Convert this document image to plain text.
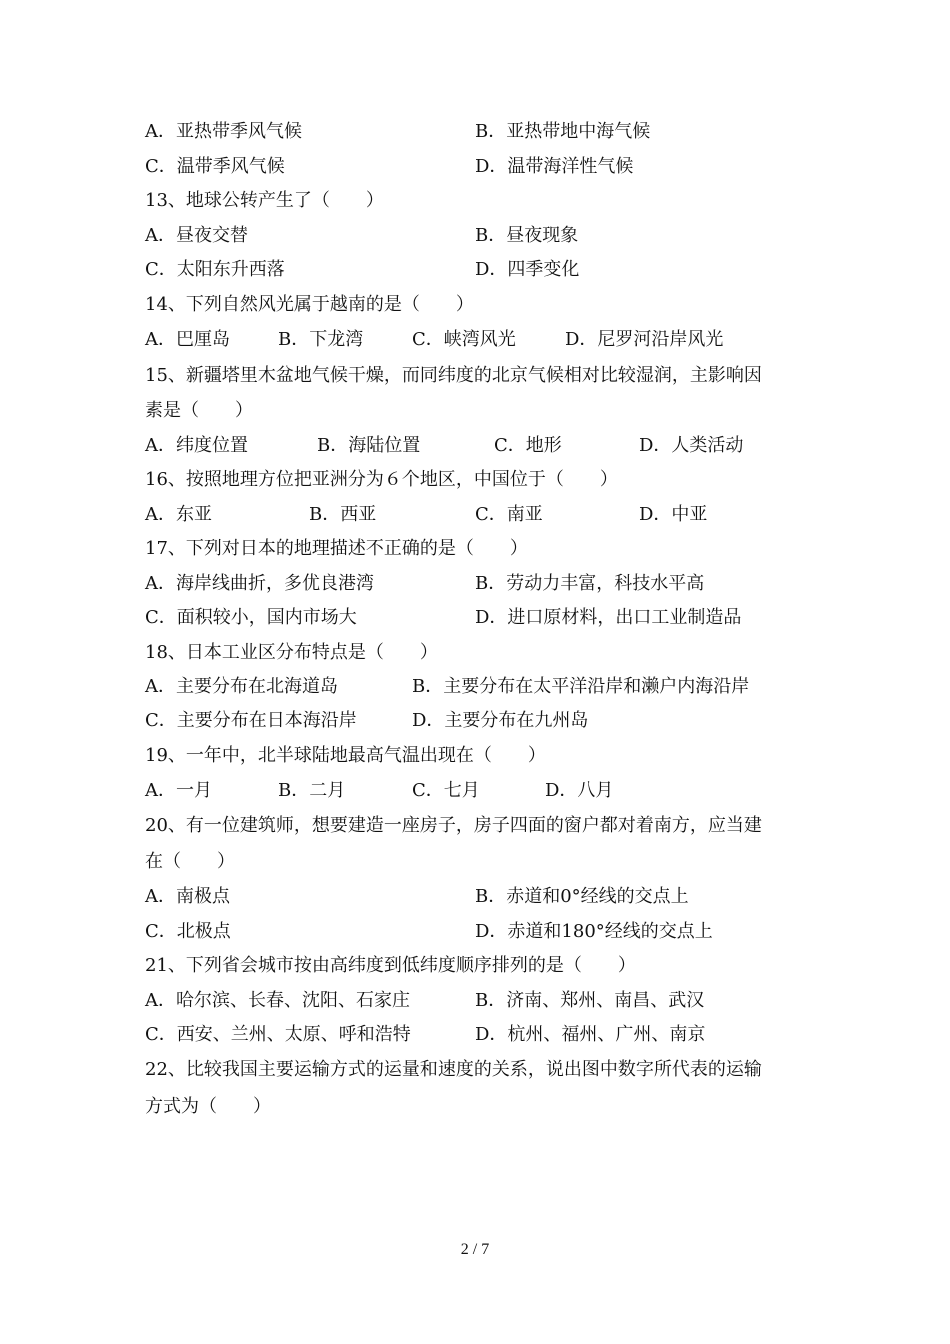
A．亚热带季风气候	B．亚热带地中海气候
C．温带季风气候	D．温带海洋性气候
13、地球公转产生了（　　）
A．昼夜交替	B．昼夜现象
C．太阳东升西落	D．四季变化
14、下列自然风光属于越南的是（　　）
A．巴厘岛	B．下龙湾	C．峡湾风光	D．尼罗河沿岸风光
15、新疆塔里木盆地气候干燥，而同纬度的北京气候相对比较湿润，主影响因
素是（　　）
A．纬度位置	B．海陆位置	C．地形	D．人类活动
16、按照地理方位把亚洲分为６个地区，中国位于（　　）
A．东亚	B．西亚	C．南亚	D．中亚
17、下列对日本的地理描述不正确的是（　　）
A．海岸线曲折，多优良港湾	B．劳动力丰富，科技水平高
C．面积较小，国内市场大	D．进口原材料，出口工业制造品
18、日本工业区分布特点是（　　）
A．主要分布在北海道岛	B．主要分布在太平洋沿岸和濑户内海沿岸
C．主要分布在日本海沿岸	D．主要分布在九州岛
19、一年中，北半球陆地最高气温出现在（　　）
A．一月	B．二月	C．七月	D．八月
20、有一位建筑师，想要建造一座房子，房子四面的窗户都对着南方，应当建
在（　　）
A．南极点	B．赤道和0°经线的交点上
C．北极点	D．赤道和180°经线的交点上
21、下列省会城市按由高纬度到低纬度顺序排列的是（　　）
A．哈尔滨、长春、沈阳、石家庄	B．济南、郑州、南昌、武汉
C．西安、兰州、太原、呼和浩特	D．杭州、福州、广州、南京
22、比较我国主要运输方式的运量和速度的关系，说出图中数字所代表的运输
方式为（　　）
2 / 7
